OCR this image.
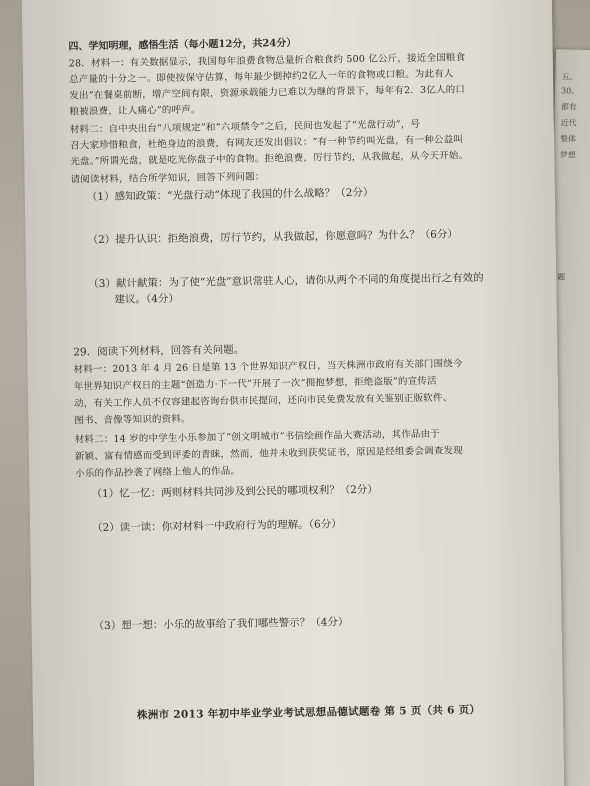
五、
30、
都有
近代
整体
梦想
题
四、学知明理，感悟生活（每小题12分，共24分）
28．材料一：有关数据显示，我国每年浪费食物总量折合粮食约 500 亿公斤，接近全国粮食
总产量的十分之一。即使按保守估算，每年最少倒掉约2亿人一年的食物或口粮。为此有人
发出“在餐桌前断，增产空间有限，资源承载能力已难以为继的背景下，每年有2．3亿人的口
粮被浪费，让人痛心”的呼声。
材料二：自中央出台“八项规定”和“六项禁令”之后，民间也发起了“光盘行动”，号
召大家珍惜粮食，杜绝身边的浪费，有网友还发出倡议：“有一种节约叫光盘，有一种公益叫
光盘。”所谓光盘，就是吃光你盘子中的食物。拒绝浪费，厉行节约，从我做起，从今天开始。
请阅读材料，结合所学知识，回答下列问题：
（1）感知政策：“光盘行动”体现了我国的什么战略？（2分）
（2）提升认识：拒绝浪费，厉行节约，从我做起，你愿意吗？为什么？（6分）
（3）献计献策：为了使“光盘”意识常驻人心，请你从两个不同的角度提出行之有效的
建议。（4分）
29．阅读下列材料，回答有关问题。
材料一：2013 年 4 月 26 日是第 13 个世界知识产权日，当天株洲市政府有关部门围绕今
年世界知识产权日的主题“创造力·下一代”开展了一次“拥抱梦想，拒绝盗版”的宣传活
动，有关工作人员不仅容建起咨询台供市民提问，还向市民免费发放有关鉴别正版软件、
图书、音像等知识的资料。
材料二：14 岁的中学生小乐参加了“创文明城市”书信绘画作品大赛活动，其作品由于
新颖、富有情感而受到评委的青睐，然而，他并未收到获奖证书，原因是经组委会调查发现
小乐的作品抄袭了网络上他人的作品。
（1）忆一忆：两则材料共同涉及到公民的哪项权利？（2分）
（2）读一读：你对材料一中政府行为的理解。（6分）
（3）想一想：小乐的故事给了我们哪些警示？（4分）
株洲市 2013 年初中毕业学业考试思想品德试题卷 第 5 页（共 6 页）
